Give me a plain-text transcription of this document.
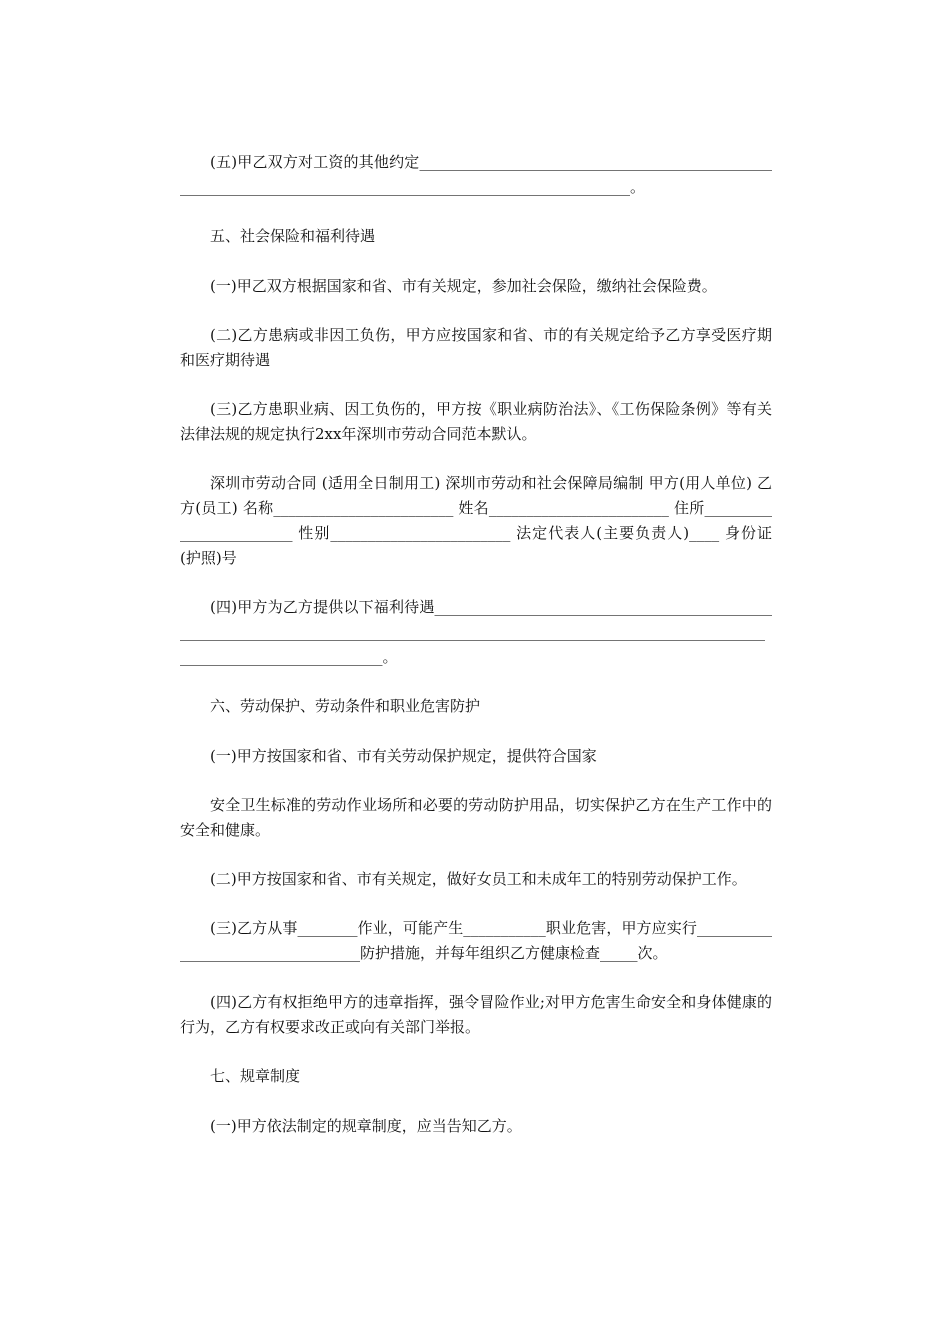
(五)甲乙双方对工资的其他约定___________________________________________________________________________________________________________。

五、社会保险和福利待遇

(一)甲乙双方根据国家和省、市有关规定，参加社会保险，缴纳社会保险费。

(二)乙方患病或非因工负伤，甲方应按国家和省、市的有关规定给予乙方享受医疗期和医疗期待遇

(三)乙方患职业病、因工负伤的，甲方按《职业病防治法》、《工伤保险条例》等有关法律法规的规定执行2xx年深圳市劳动合同范本默认。

深圳市劳动合同 (适用全日制用工) 深圳市劳动和社会保障局编制 甲方(用人单位) 乙方(员工) 名称________________________ 姓名________________________ 住所________________________ 性别________________________ 法定代表人(主要负责人)____ 身份证(护照)号

(四)甲方为乙方提供以下福利待遇______________________________________________________________________________________________________________________________________________________。

六、劳动保护、劳动条件和职业危害防护

(一)甲方按国家和省、市有关劳动保护规定，提供符合国家

安全卫生标准的劳动作业场所和必要的劳动防护用品，切实保护乙方在生产工作中的安全和健康。

(二)甲方按国家和省、市有关规定，做好女员工和未成年工的特别劳动保护工作。

(三)乙方从事________作业，可能产生___________职业危害，甲方应实行__________________________________防护措施，并每年组织乙方健康检查_____次。

(四)乙方有权拒绝甲方的违章指挥，强令冒险作业;对甲方危害生命安全和身体健康的行为，乙方有权要求改正或向有关部门举报。

七、规章制度

(一)甲方依法制定的规章制度，应当告知乙方。
